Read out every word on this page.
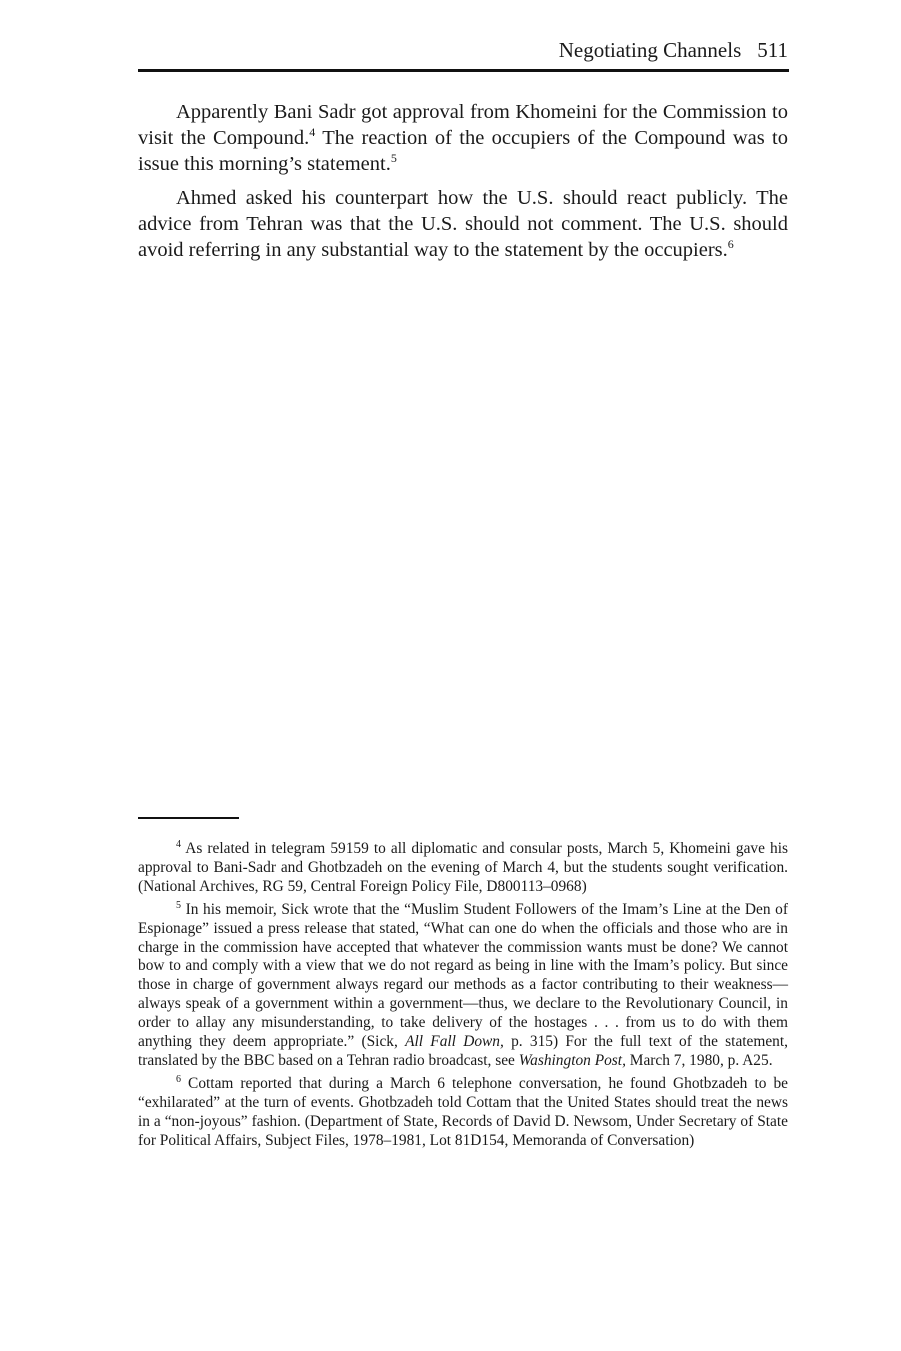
Negotiating Channels 511

Apparently Bani Sadr got approval from Khomeini for the Commission to visit the Compound.$^4$ The reaction of the occupiers of the Compound was to issue this morning’s statement.$^5$

Ahmed asked his counterpart how the U.S. should react publicly. The advice from Tehran was that the U.S. should not comment. The U.S. should avoid referring in any substantial way to the statement by the occupiers.$^6$

$^4$ As related in telegram 59159 to all diplomatic and consular posts, March 5, Khomeini gave his approval to Bani-Sadr and Ghotbzadeh on the evening of March 4, but the students sought verification. (National Archives, RG 59, Central Foreign Policy File, D800113–0968)

$^5$ In his memoir, Sick wrote that the “Muslim Student Followers of the Imam’s Line at the Den of Espionage” issued a press release that stated, “What can one do when the officials and those who are in charge in the commission have accepted that whatever the commission wants must be done? We cannot bow to and comply with a view that we do not regard as being in line with the Imam’s policy. But since those in charge of government always regard our methods as a factor contributing to their weakness—always speak of a government within a government—thus, we declare to the Revolutionary Council, in order to allay any misunderstanding, to take delivery of the hostages . . . from us to do with them anything they deem appropriate.” (Sick, All Fall Down, p. 315) For the full text of the statement, translated by the BBC based on a Tehran radio broadcast, see Washington Post, March 7, 1980, p. A25.

$^6$ Cottam reported that during a March 6 telephone conversation, he found Ghotbzadeh to be “exhilarated” at the turn of events. Ghotbzadeh told Cottam that the United States should treat the news in a “non-joyous” fashion. (Department of State, Records of David D. Newsom, Under Secretary of State for Political Affairs, Subject Files, 1978–1981, Lot 81D154, Memoranda of Conversation)
